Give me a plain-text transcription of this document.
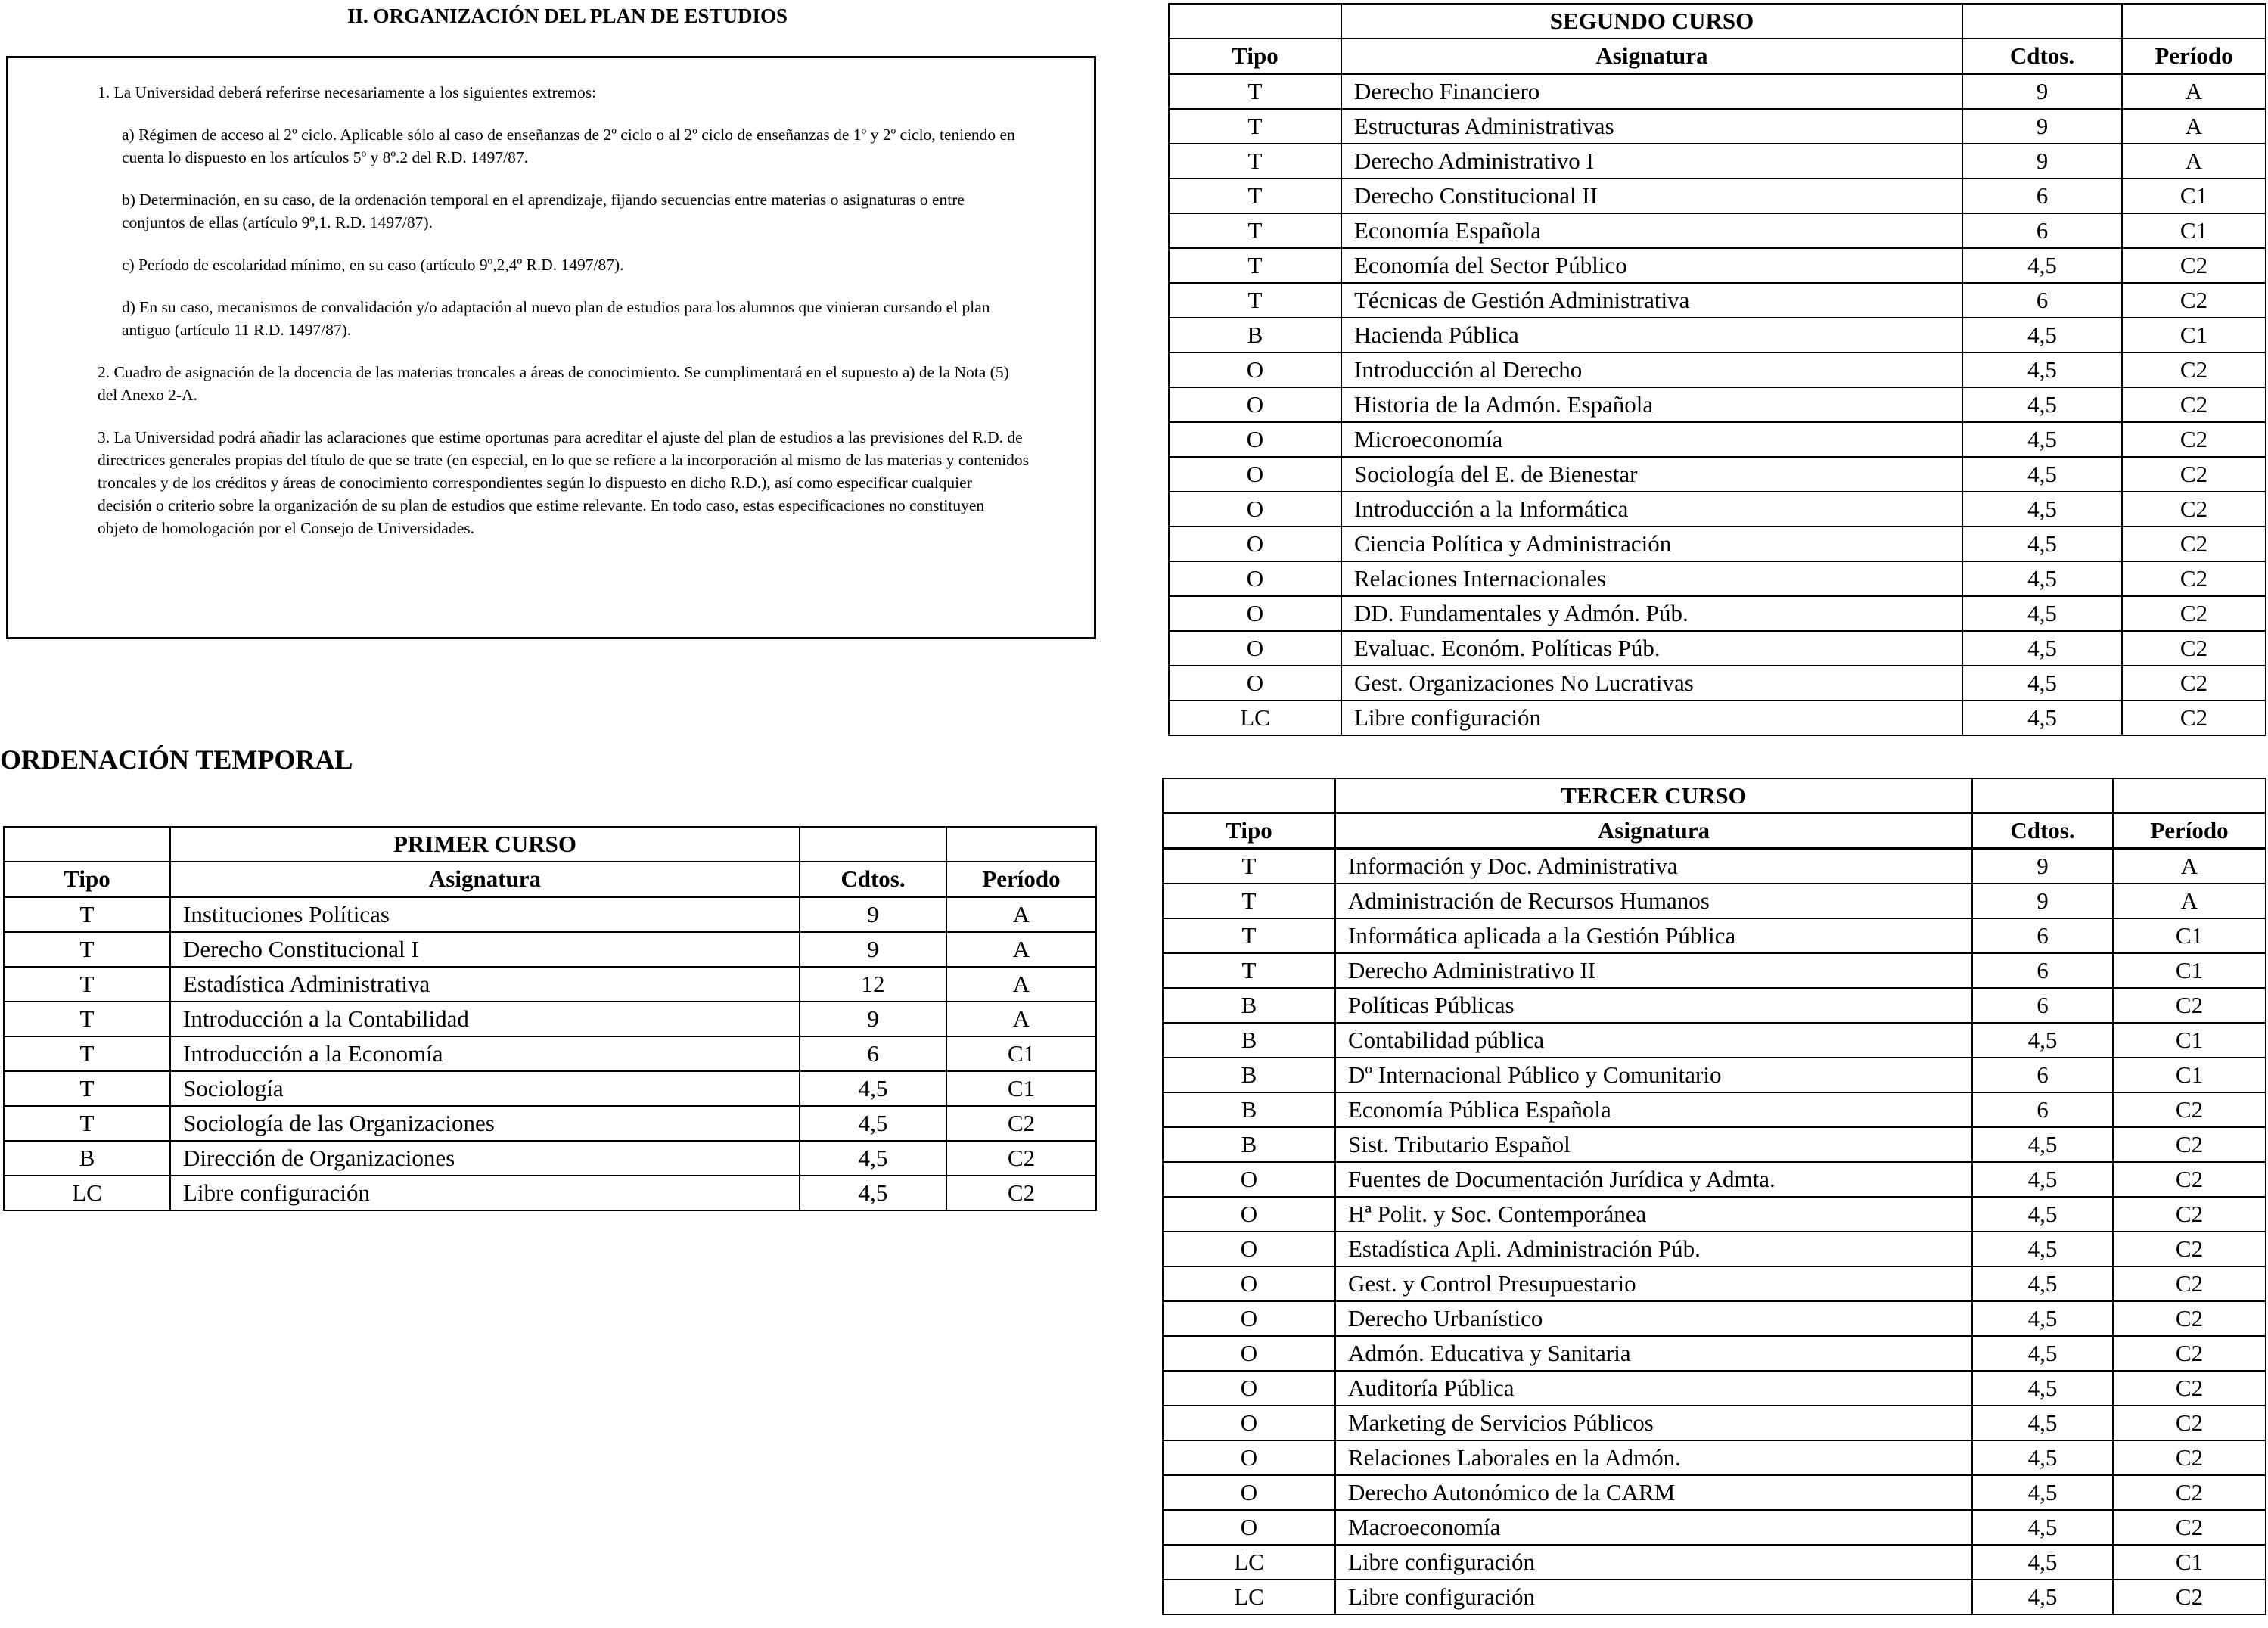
II. ORGANIZACIÓN DEL PLAN DE ESTUDIOS

1. La Universidad deberá referirse necesariamente a los siguientes extremos:

a) Régimen de acceso al 2º ciclo. Aplicable sólo al caso de enseñanzas de 2º ciclo o al 2º ciclo de enseñanzas de 1º y 2º ciclo, teniendo en cuenta lo dispuesto en los artículos 5º y 8º.2 del R.D. 1497/87.

b) Determinación, en su caso, de la ordenación temporal en el aprendizaje, fijando secuencias entre materias o asignaturas o entre conjuntos de ellas (artículo 9º,1. R.D. 1497/87).

c) Período de escolaridad mínimo, en su caso (artículo 9º,2,4º R.D. 1497/87).

d) En su caso, mecanismos de convalidación y/o adaptación al nuevo plan de estudios para los alumnos que vinieran cursando el plan antiguo (artículo 11 R.D. 1497/87).

2. Cuadro de asignación de la docencia de las materias troncales a áreas de conocimiento. Se cumplimentará en el supuesto a) de la Nota (5) del Anexo 2-A.

3. La Universidad podrá añadir las aclaraciones que estime oportunas para acreditar el ajuste del plan de estudios a las previsiones del R.D. de directrices generales propias del título de que se trate (en especial, en lo que se refiere a la incorporación al mismo de las materias y contenidos troncales y de los créditos y áreas de conocimiento correspondientes según lo dispuesto en dicho R.D.), así como especificar cualquier decisión o criterio sobre la organización de su plan de estudios que estime relevante. En todo caso, estas especificaciones no constituyen objeto de homologación por el Consejo de Universidades.

ORDENACIÓN TEMPORAL
	PRIMER CURSO		
Tipo	Asignatura	Cdtos.	Período
T	Instituciones Políticas	9	A
T	Derecho Constitucional I	9	A
T	Estadística Administrativa	12	A
T	Introducción a la Contabilidad	9	A
T	Introducción a la Economía	6	C1
T	Sociología	4,5	C1
T	Sociología de las Organizaciones	4,5	C2
B	Dirección de Organizaciones	4,5	C2
LC	Libre configuración	4,5	C2
	SEGUNDO CURSO		
Tipo	Asignatura	Cdtos.	Período
T	Derecho Financiero	9	A
T	Estructuras Administrativas	9	A
T	Derecho Administrativo I	9	A
T	Derecho Constitucional II	6	C1
T	Economía Española	6	C1
T	Economía del Sector Público	4,5	C2
T	Técnicas de Gestión Administrativa	6	C2
B	Hacienda Pública	4,5	C1
O	Introducción al Derecho	4,5	C2
O	Historia de la Admón. Española	4,5	C2
O	Microeconomía	4,5	C2
O	Sociología del E. de Bienestar	4,5	C2
O	Introducción a la Informática	4,5	C2
O	Ciencia Política y Administración	4,5	C2
O	Relaciones Internacionales	4,5	C2
O	DD. Fundamentales y Admón. Púb.	4,5	C2
O	Evaluac. Económ. Políticas Púb.	4,5	C2
O	Gest. Organizaciones No Lucrativas	4,5	C2
LC	Libre configuración	4,5	C2
	TERCER CURSO		
Tipo	Asignatura	Cdtos.	Período
T	Información y Doc. Administrativa	9	A
T	Administración de Recursos Humanos	9	A
T	Informática aplicada a la Gestión Pública	6	C1
T	Derecho Administrativo II	6	C1
B	Políticas Públicas	6	C2
B	Contabilidad pública	4,5	C1
B	Dº Internacional Público y Comunitario	6	C1
B	Economía Pública Española	6	C2
B	Sist. Tributario Español	4,5	C2
O	Fuentes de Documentación Jurídica y Admta.	4,5	C2
O	Hª Polit. y Soc. Contemporánea	4,5	C2
O	Estadística Apli. Administración Púb.	4,5	C2
O	Gest. y Control Presupuestario	4,5	C2
O	Derecho Urbanístico	4,5	C2
O	Admón. Educativa y Sanitaria	4,5	C2
O	Auditoría Pública	4,5	C2
O	Marketing de Servicios Públicos	4,5	C2
O	Relaciones Laborales en la Admón.	4,5	C2
O	Derecho Autonómico de la CARM	4,5	C2
O	Macroeconomía	4,5	C2
LC	Libre configuración	4,5	C1
LC	Libre configuración	4,5	C2
